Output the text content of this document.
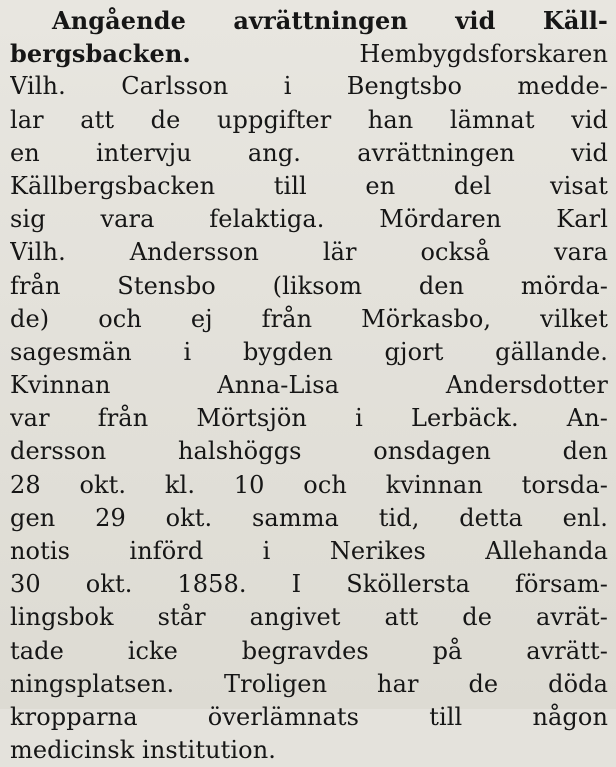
Angående avrättningen vid Käll-
bergsbacken. Hembygdsforskaren
Vilh. Carlsson i Bengtsbo medde-
lar att de uppgifter han lämnat vid
en intervju ang. avrättningen vid
Källbergsbacken till en del visat
sig vara felaktiga. Mördaren Karl
Vilh. Andersson lär också vara
från Stensbo (liksom den mörda-
de) och ej från Mörkasbo, vilket
sagesmän i bygden gjort gällande.
Kvinnan Anna-Lisa Andersdotter
var från Mörtsjön i Lerbäck. An-
dersson halshöggs onsdagen den
28 okt. kl. 10 och kvinnan torsda-
gen 29 okt. samma tid, detta enl.
notis införd i Nerikes Allehanda
30 okt. 1858. I Sköllersta försam-
lingsbok står angivet att de avrät-
tade icke begravdes på avrätt-
ningsplatsen. Troligen har de döda
kropparna överlämnats till någon
medicinsk institution.
